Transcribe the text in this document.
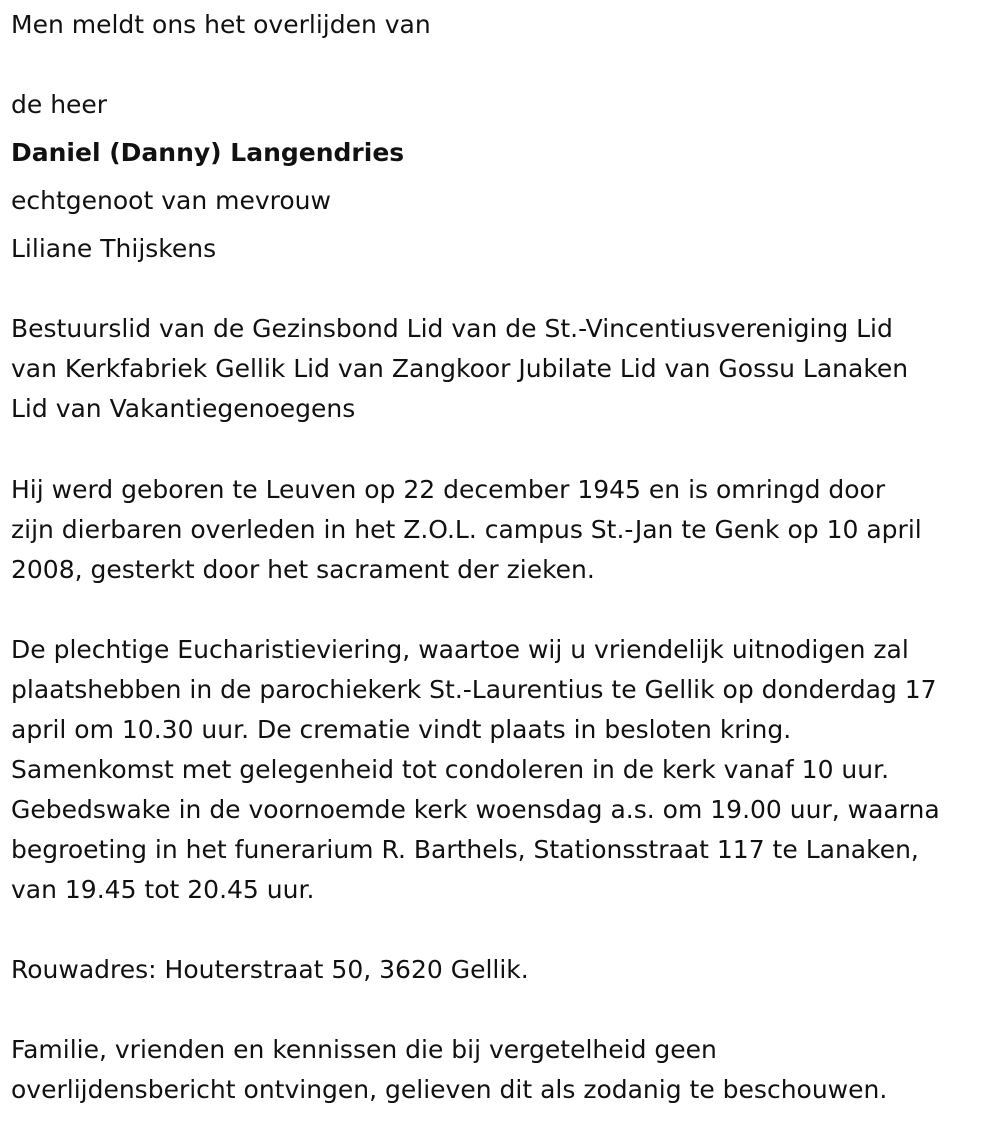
Men meldt ons het overlijden van
de heer
Daniel (Danny) Langendries
echtgenoot van mevrouw
Liliane Thijskens
Bestuurslid van de Gezinsbond Lid van de St.-Vincentiusvereniging Lid
van Kerkfabriek Gellik Lid van Zangkoor Jubilate Lid van Gossu Lanaken
Lid van Vakantiegenoegens
Hij werd geboren te Leuven op 22 december 1945 en is omringd door
zijn dierbaren overleden in het Z.O.L. campus St.-Jan te Genk op 10 april
2008, gesterkt door het sacrament der zieken.
De plechtige Eucharistieviering, waartoe wij u vriendelijk uitnodigen zal
plaatshebben in de parochiekerk St.-Laurentius te Gellik op donderdag 17
april om 10.30 uur. De crematie vindt plaats in besloten kring.
Samenkomst met gelegenheid tot condoleren in de kerk vanaf 10 uur.
Gebedswake in de voornoemde kerk woensdag a.s. om 19.00 uur, waarna
begroeting in het funerarium R. Barthels, Stationsstraat 117 te Lanaken,
van 19.45 tot 20.45 uur.
Rouwadres: Houterstraat 50, 3620 Gellik.
Familie, vrienden en kennissen die bij vergetelheid geen
overlijdensbericht ontvingen, gelieven dit als zodanig te beschouwen.
